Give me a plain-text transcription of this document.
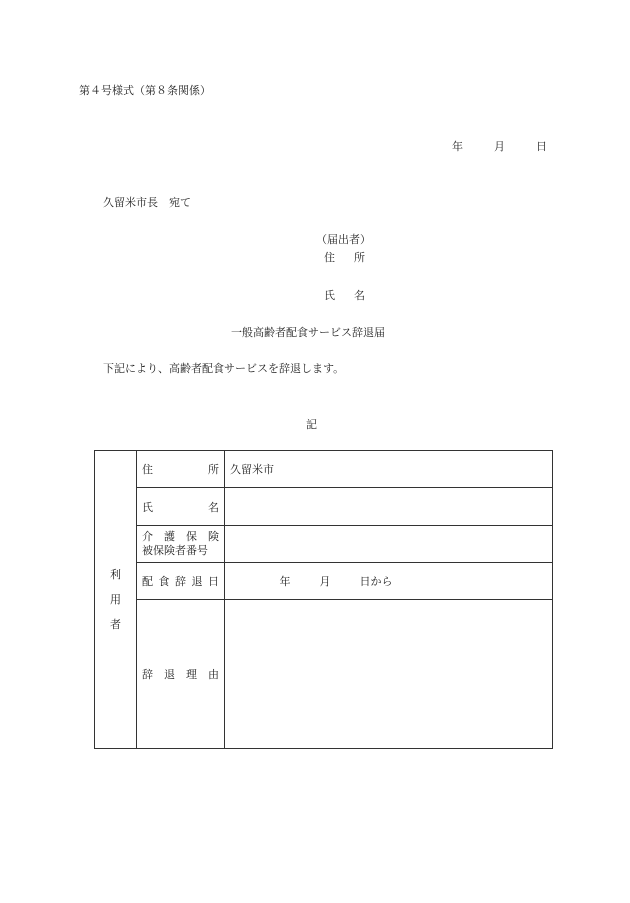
第４号様式（第８条関係）
年	月	日
久留米市長　宛て
（届出者）
住 所
氏 名
一般高齢者配食サービス辞退届
下記により、高齢者配食サービスを辞退します。
記
利
用
者	住 所	久留米市

	氏 名	

	介 護 保 険
被保険者番号	

	配 食 辞 退 日	年 月 日から

	辞 退 理 由	
